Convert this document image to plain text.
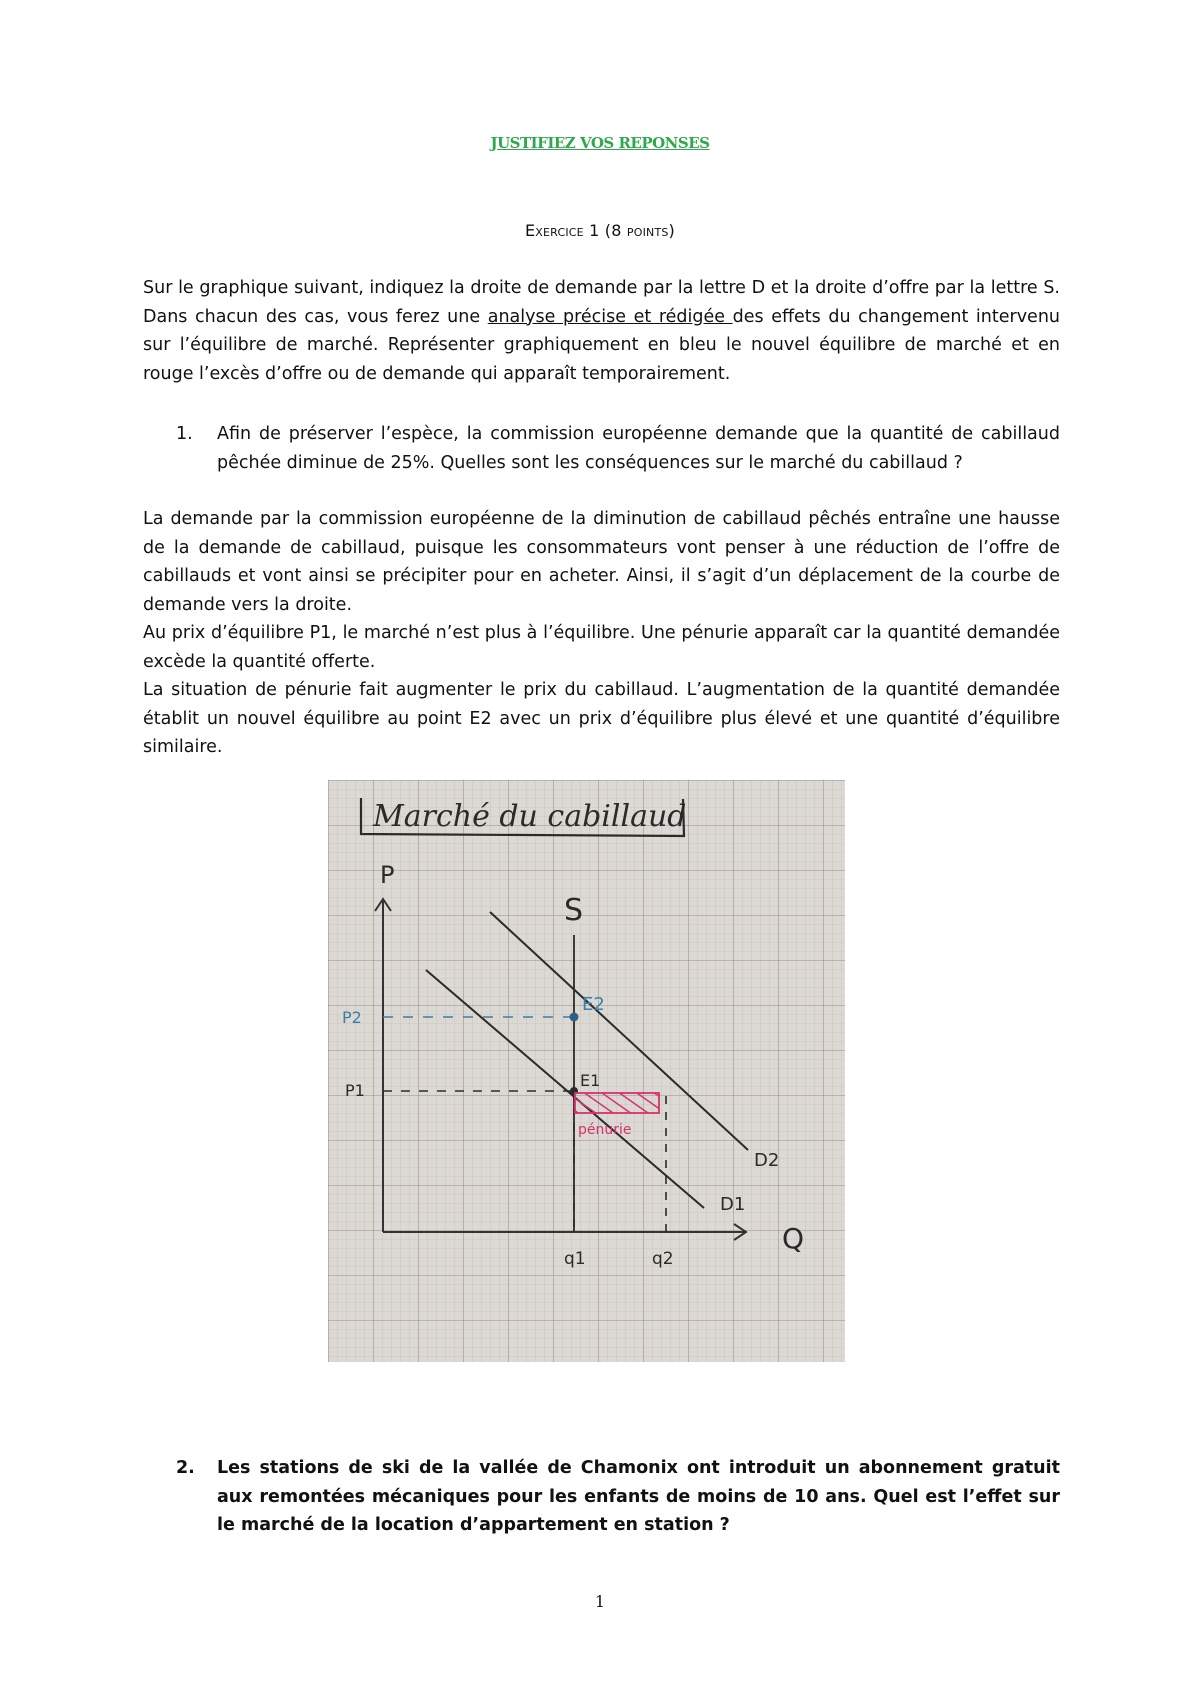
JUSTIFIEZ VOS REPONSES
Exercice 1 (8 points)

Sur le graphique suivant, indiquez la droite de demande par la lettre D et la droite d’offre par la lettre S. Dans chacun des cas, vous ferez une analyse précise et rédigée des effets du changement intervenu sur l’équilibre de marché. Représenter graphiquement en bleu le nouvel équilibre de marché et en rouge l’excès d’offre ou de demande qui apparaît temporairement.

1. Afin de préserver l’espèce, la commission européenne demande que la quantité de cabillaud pêchée diminue de 25%. Quelles sont les conséquences sur le marché du cabillaud ?

La demande par la commission européenne de la diminution de cabillaud pêchés entraîne une hausse de la demande de cabillaud, puisque les consommateurs vont penser à une réduction de l’offre de cabillauds et vont ainsi se précipiter pour en acheter. Ainsi, il s’agit d’un déplacement de la courbe de demande vers la droite.

Au prix d’équilibre P1, le marché n’est plus à l’équilibre. Une pénurie apparaît car la quantité demandée excède la quantité offerte.

La situation de pénurie fait augmenter le prix du cabillaud. L’augmentation de la quantité demandée établit un nouvel équilibre au point E2 avec un prix d’équilibre plus élevé et une quantité d’équilibre similaire.

Marché du cabillaud
P
Q
S
D1
D2
P1
P2
E1
E2
pénurie
q1	q2
2. Les stations de ski de la vallée de Chamonix ont introduit un abonnement gratuit aux remontées mécaniques pour les enfants de moins de 10 ans. Quel est l’effet sur le marché de la location d’appartement en station ?

1
